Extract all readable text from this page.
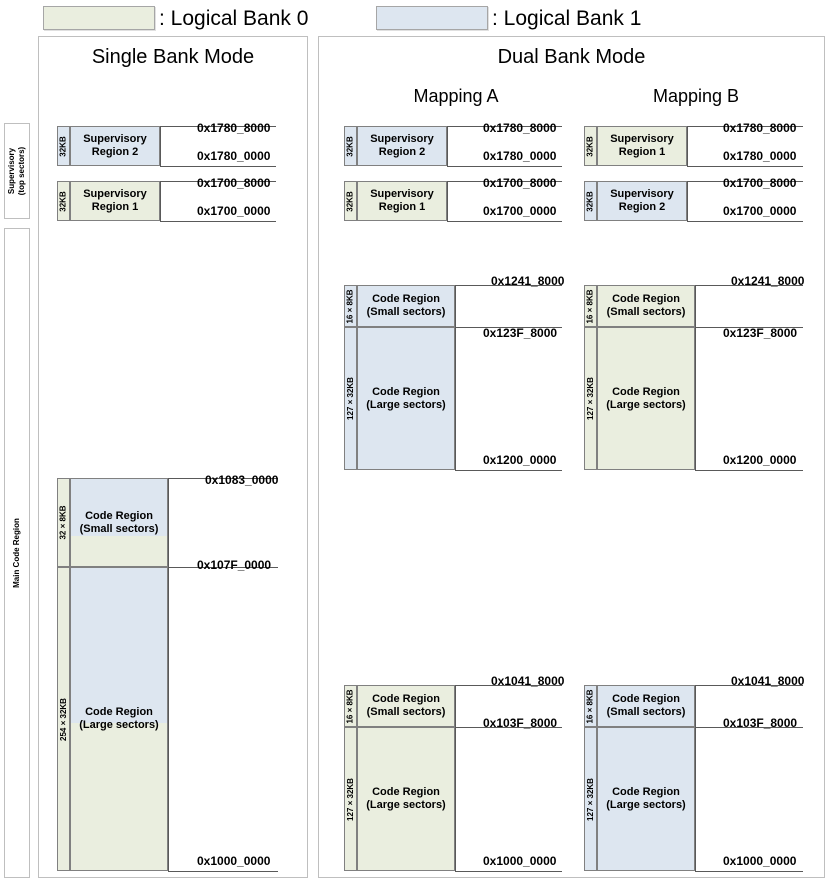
: Logical Bank 0	: Logical Bank 1
Supervisory
(top sectors)
Main Code Region
Single Bank Mode	Dual Bank Mode
Mapping A	Mapping B
32KB Supervisory
Region 2
0x1780_8000
0x1780_0000
32KB Supervisory
Region 1
0x1700_8000
0x1700_0000
32 × 8KB	Code Region
(Small sectors)
0x1083_0000
0x107F_0000
254 × 32KB	Code Region
(Large sectors)
0x1000_0000
32KB Supervisory
Region 2
0x1780_8000
0x1780_0000
32KB Supervisory
Region 1
0x1700_8000
0x1700_0000
16 × 8KB	Code Region
(Small sectors)
0x1241_8000
0x123F_8000
127 × 32KB	Code Region
(Large sectors)
0x1200_0000
16 × 8KB	Code Region
(Small sectors)
0x1041_8000
0x103F_8000
127 × 32KB	Code Region
(Large sectors)
0x1000_0000
32KB Supervisory
Region 1
0x1780_8000
0x1780_0000
32KB Supervisory
Region 2
0x1700_8000
0x1700_0000
16 × 8KB	Code Region
(Small sectors)
0x1241_8000
0x123F_8000
127 × 32KB	Code Region
(Large sectors)
0x1200_0000
16 × 8KB	Code Region
(Small sectors)
0x1041_8000
0x103F_8000
127 × 32KB	Code Region
(Large sectors)
0x1000_0000
